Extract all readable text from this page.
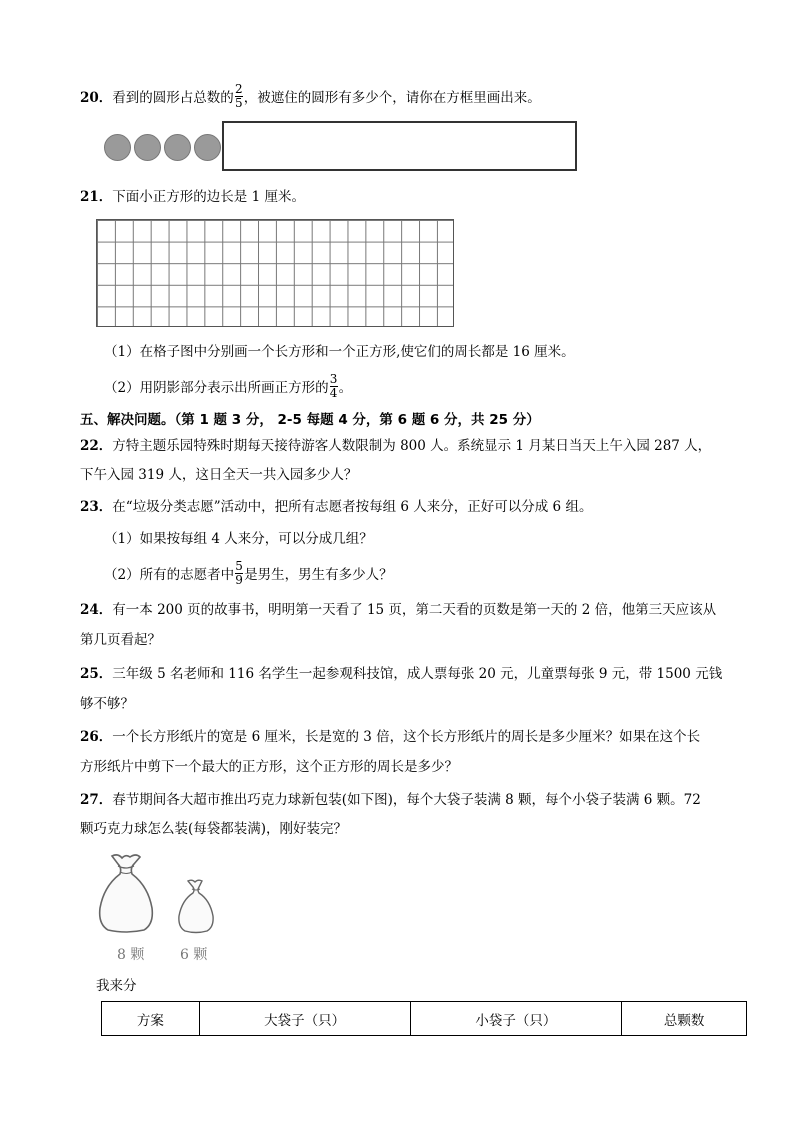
20．看到的圆形占总数的 $\frac{2}{5}$ ，被遮住的圆形有多少个，请你在方框里画出来。
21．下面小正方形的边长是 1 厘米。
（1）在格子图中分别画一个长方形和一个正方形,使它们的周长都是 16 厘米。
（2）用阴影部分表示出所画正方形的 $\frac{3}{4}$ 。
五、解决问题。（第 1 题 3 分， 2-5 每题 4 分，第 6 题 6 分，共 25 分）
22．方特主题乐园特殊时期每天接待游客人数限制为 800 人。系统显示 1 月某日当天上午入园 287 人，
下午入园 319 人，这日全天一共入园多少人？
23．在“垃圾分类志愿”活动中，把所有志愿者按每组 6 人来分，正好可以分成 6 组。
（1）如果按每组 4 人来分，可以分成几组？
（2）所有的志愿者中 $\frac{5}{9}$ 是男生，男生有多少人？
24．有一本 200 页的故事书，明明第一天看了 15 页，第二天看的页数是第一天的 2 倍，他第三天应该从
第几页看起？
25．三年级 5 名老师和 116 名学生一起参观科技馆，成人票每张 20 元，儿童票每张 9 元，带 1500 元钱
够不够？
26．一个长方形纸片的宽是 6 厘米，长是宽的 3 倍，这个长方形纸片的周长是多少厘米？如果在这个长
方形纸片中剪下一个最大的正方形，这个正方形的周长是多少？
27．春节期间各大超市推出巧克力球新包装(如下图)，每个大袋子装满 8 颗，每个小袋子装满 6 颗。72
颗巧克力球怎么装(每袋都装满)，刚好装完？
8 颗	6 颗
我来分
方案	大袋子（只）	小袋子（只）	总颗数
